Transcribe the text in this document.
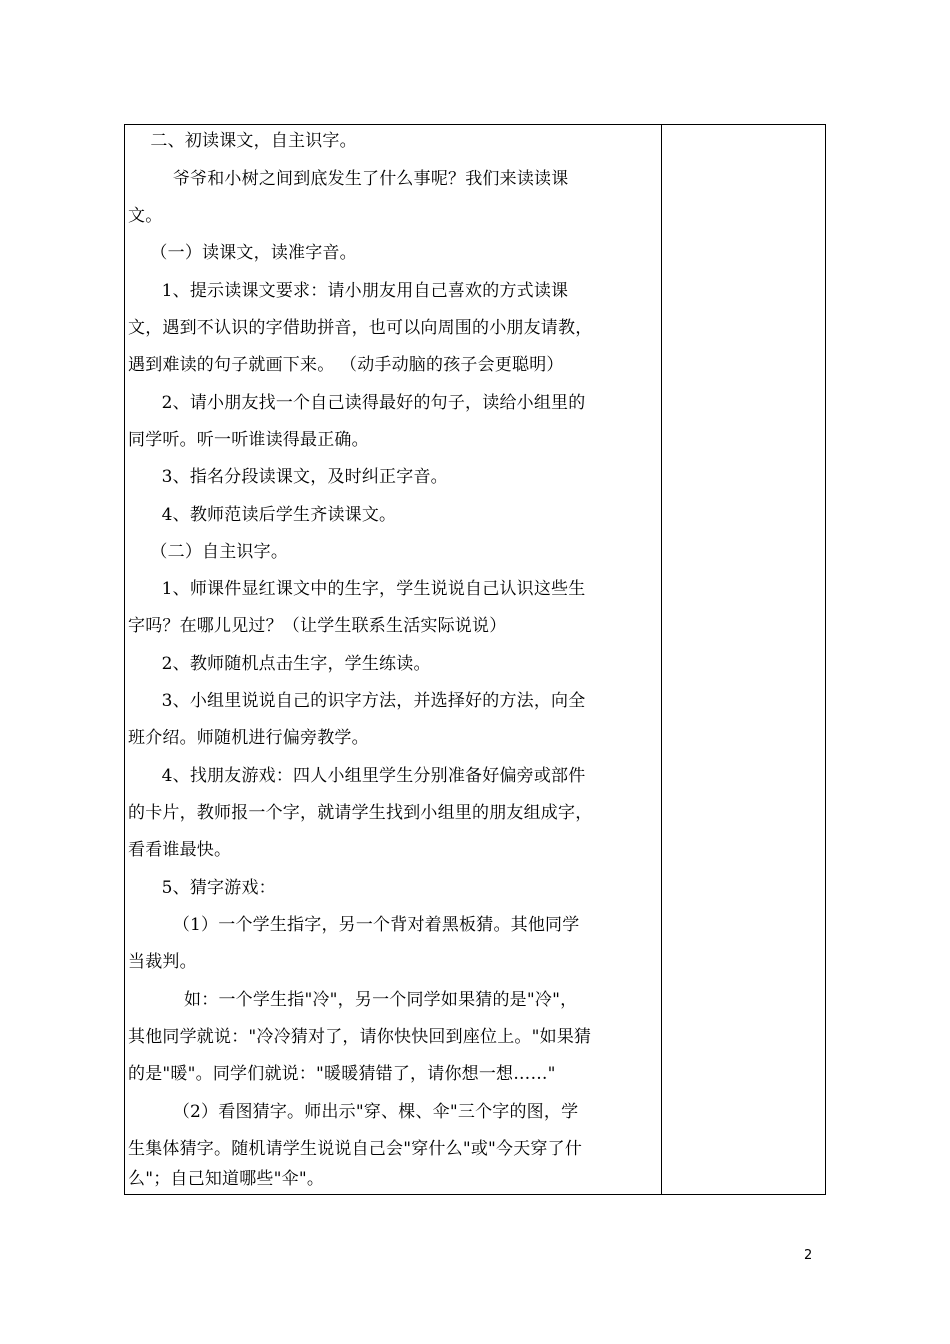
二、初读课文，自主识字。
爷爷和小树之间到底发生了什么事呢？我们来读读课
文。
（一）读课文，读准字音。
1、提示读课文要求：请小朋友用自己喜欢的方式读课
文，遇到不认识的字借助拼音，也可以向周围的小朋友请教，
遇到难读的句子就画下来。 （动手动脑的孩子会更聪明）
2、请小朋友找一个自己读得最好的句子，读给小组里的
同学听。听一听谁读得最正确。
3、指名分段读课文，及时纠正字音。
4、教师范读后学生齐读课文。
（二）自主识字。
1、师课件显红课文中的生字，学生说说自己认识这些生
字吗？在哪儿见过？（让学生联系生活实际说说）
2、教师随机点击生字，学生练读。
3、小组里说说自己的识字方法，并选择好的方法，向全
班介绍。师随机进行偏旁教学。
4、找朋友游戏：四人小组里学生分别准备好偏旁或部件
的卡片，教师报一个字，就请学生找到小组里的朋友组成字，
看看谁最快。
5、猜字游戏：
（1）一个学生指字，另一个背对着黑板猜。其他同学
当裁判。
如：一个学生指"冷"，另一个同学如果猜的是"冷"，
其他同学就说："冷冷猜对了，请你快快回到座位上。"如果猜
的是"暖"。同学们就说："暖暖猜错了，请你想一想……"
（2）看图猜字。师出示"穿、棵、伞"三个字的图，学
生集体猜字。随机请学生说说自己会"穿什么"或"今天穿了什
么"；自己知道哪些"伞"。
2
